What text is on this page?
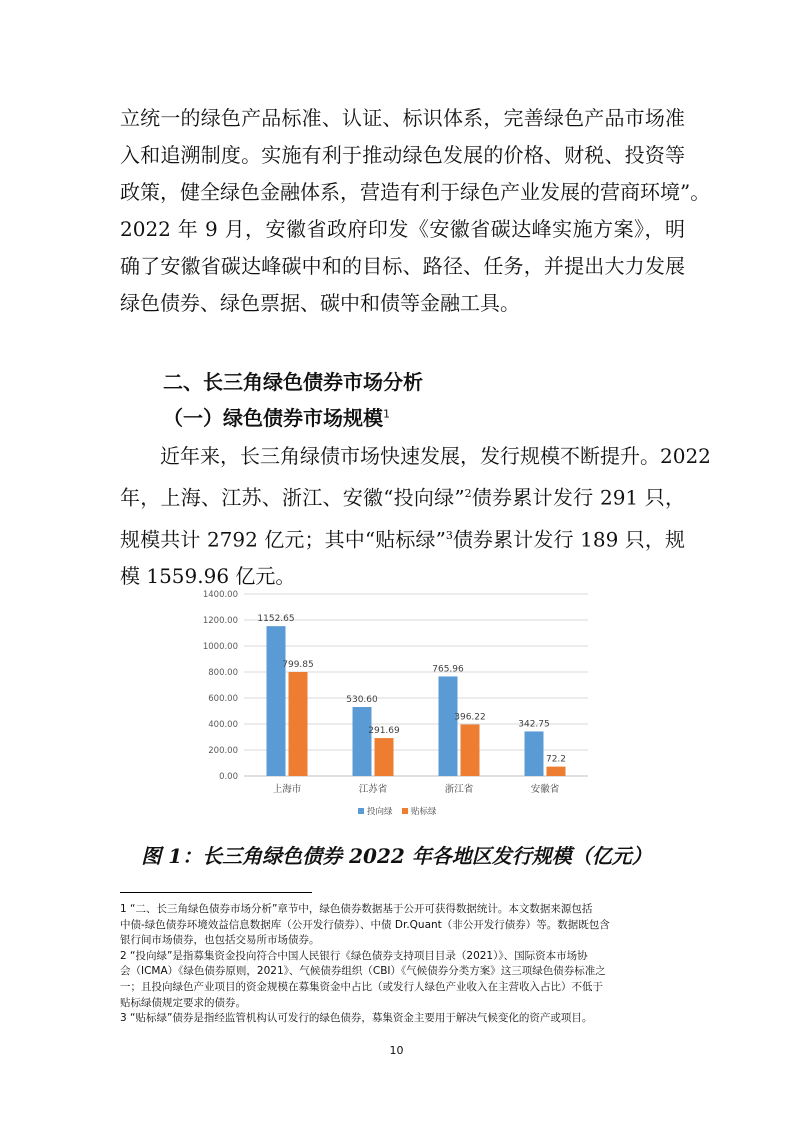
立统一的绿色产品标准、认证、标识体系，完善绿色产品市场准
入和追溯制度。实施有利于推动绿色发展的价格、财税、投资等
政策，健全绿色金融体系，营造有利于绿色产业发展的营商环境”。
2022 年 9 月，安徽省政府印发《安徽省碳达峰实施方案》，明
确了安徽省碳达峰碳中和的目标、路径、任务，并提出大力发展
绿色债券、绿色票据、碳中和债等金融工具。
二、长三角绿色债券市场分析
（一）绿色债券市场规模$^1$
近年来，长三角绿债市场快速发展，发行规模不断提升。2022
年，上海、江苏、浙江、安徽“投向绿”$^2$债券累计发行 291 只，
规模共计 2792 亿元；其中“贴标绿”$^3$债券累计发行 189 只，规
模 1559.96 亿元。
0.00
200.00
400.00
600.00
800.00
1000.00
1200.00
1400.00
1152.65
799.85
上海市
530.60
291.69
江苏省
765.96
396.22
浙江省
342.75
72.2
安徽省
投向绿 贴标绿
图 1：长三角绿色债券 2022 年各地区发行规模（亿元）
1 “二、长三角绿色债券市场分析”章节中，绿色债券数据基于公开可获得数据统计。本文数据来源包括
中债-绿色债券环境效益信息数据库（公开发行债券）、中债 Dr.Quant（非公开发行债券）等。数据既包含
银行间市场债券，也包括交易所市场债券。
2 “投向绿”是指募集资金投向符合中国人民银行《绿色债券支持项目目录（2021）》、国际资本市场协
会（ICMA）《绿色债券原则，2021》、气候债券组织（CBI）《气候债券分类方案》这三项绿色债券标准之
一；且投向绿色产业项目的资金规模在募集资金中占比（或发行人绿色产业收入在主营收入占比）不低于
贴标绿债规定要求的债券。
3 “贴标绿”债券是指经监管机构认可发行的绿色债券，募集资金主要用于解决气候变化的资产或项目。
10
